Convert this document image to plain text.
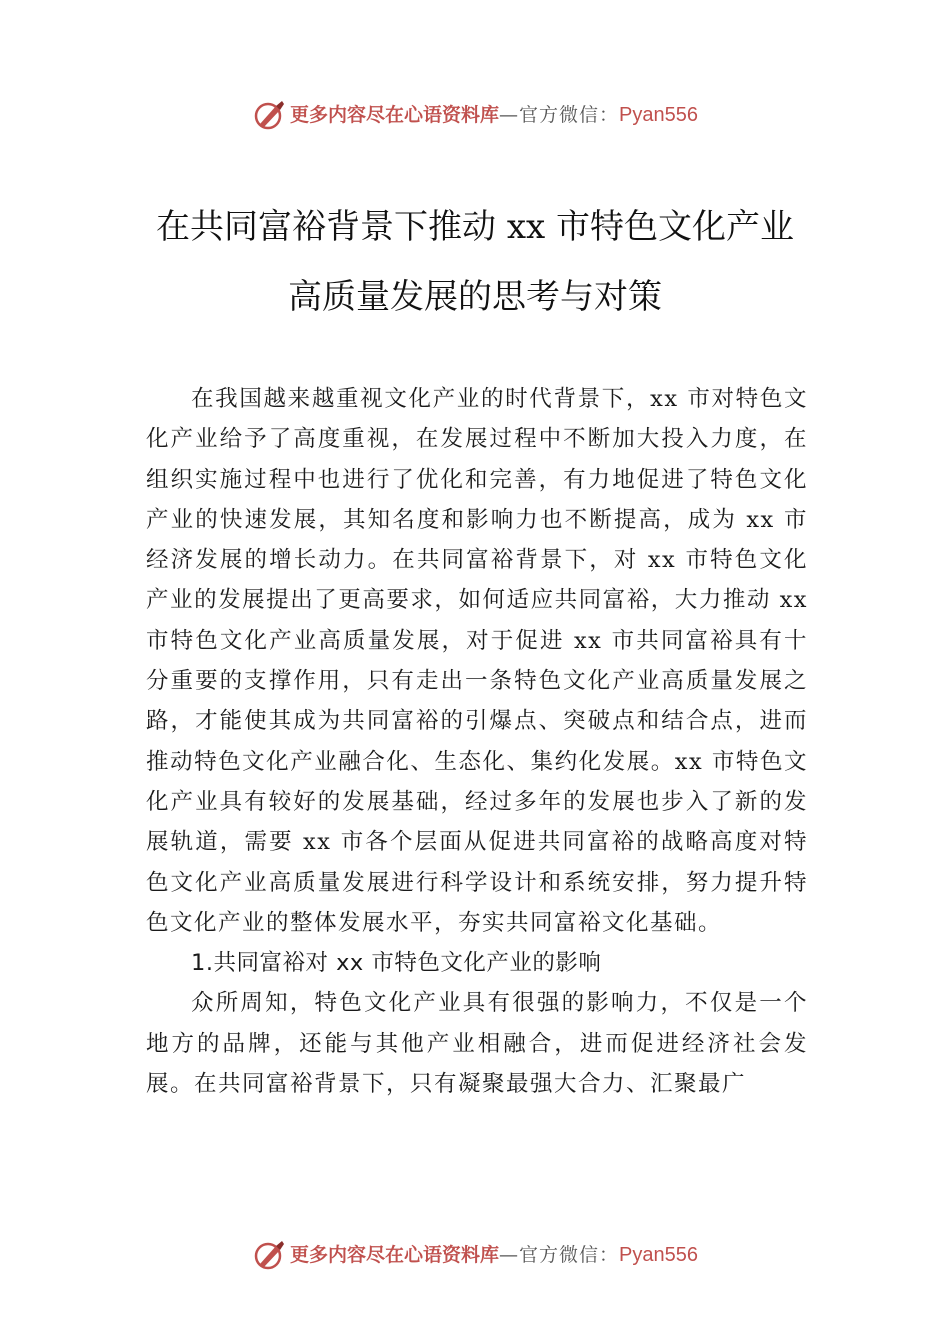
更多内容尽在心语资料库 —官方微信： Pyan556
在共同富裕背景下推动 xx 市特色文化产业
高质量发展的思考与对策

在我国越来越重视文化产业的时代背景下，xx 市对特色文化产业给予了高度重视，在发展过程中不断加大投入力度，在组织实施过程中也进行了优化和完善，有力地促进了特色文化产业的快速发展，其知名度和影响力也不断提高，成为 xx 市经济发展的增长动力。在共同富裕背景下，对 xx 市特色文化产业的发展提出了更高要求，如何适应共同富裕，大力推动 xx 市特色文化产业高质量发展，对于促进 xx 市共同富裕具有十分重要的支撑作用，只有走出一条特色文化产业高质量发展之路，才能使其成为共同富裕的引爆点、突破点和结合点，进而推动特色文化产业融合化、生态化、集约化发展。xx 市特色文化产业具有较好的发展基础，经过多年的发展也步入了新的发展轨道，需要 xx 市各个层面从促进共同富裕的战略高度对特色文化产业高质量发展进行科学设计和系统安排，努力提升特色文化产业的整体发展水平，夯实共同富裕文化基础。

1.共同富裕对 xx 市特色文化产业的影响

众所周知，特色文化产业具有很强的影响力，不仅是一个地方的品牌，还能与其他产业相融合，进而促进经济社会发展。在共同富裕背景下，只有凝聚最强大合力、汇聚最广

更多内容尽在心语资料库 —官方微信： Pyan556
